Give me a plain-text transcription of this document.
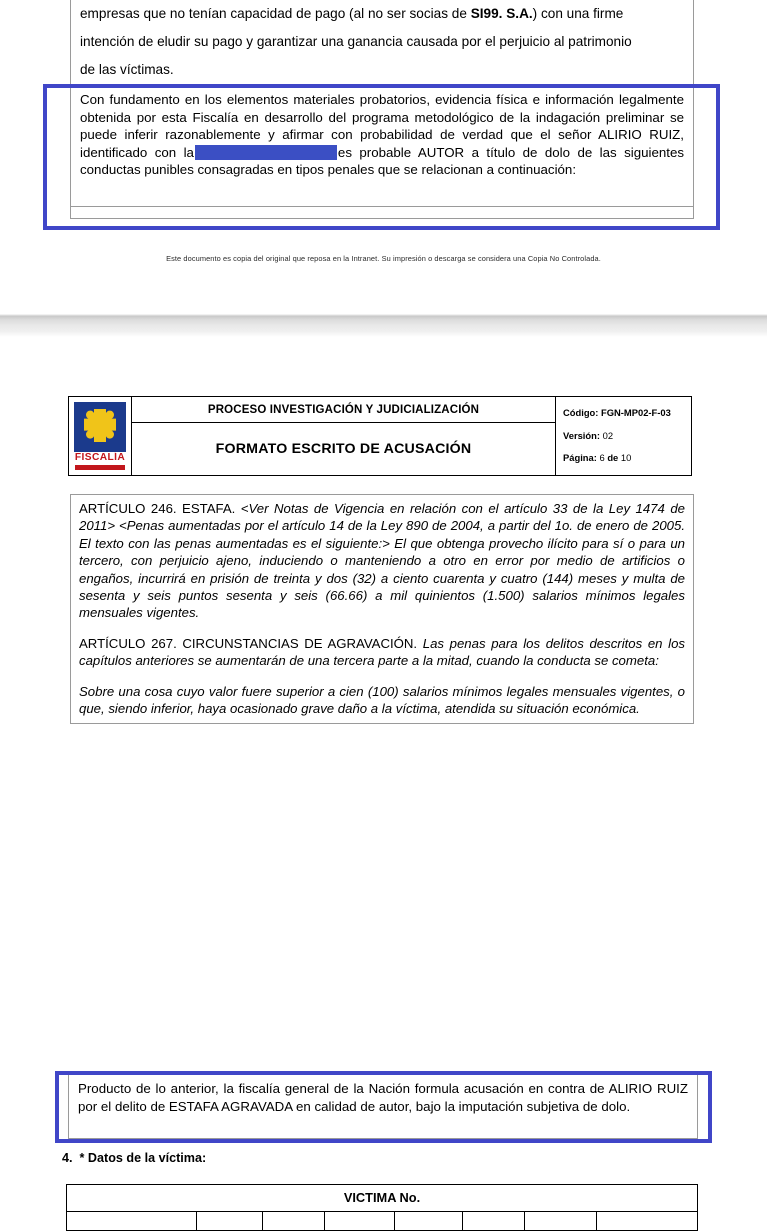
empresas que no tenían capacidad de pago (al no ser socias de SI99. S.A.) con una firme
intención de eludir su pago y garantizar una ganancia causada por el perjuicio al patrimonio
de las víctimas.

Con fundamento en los elementos materiales probatorios, evidencia física e información legalmente obtenida por esta Fiscalía en desarrollo del programa metodológico de la indagación preliminar se puede inferir razonablemente y afirmar con probabilidad de verdad que el señor ALIRIO RUIZ, identificado con la	es probable AUTOR a título de dolo de las siguientes conductas punibles consagradas en tipos penales que se relacionan a continuación:

Este documento es copia del original que reposa en la Intranet. Su impresión o descarga se considera una Copia No Controlada.
FISCALÍA
	PROCESO INVESTIGACIÓN Y JUDICIALIZACIÓN	Código: FGN-MP02-F-03
Versión: 02
Página: 6 de 10

FORMATO ESCRITO DE ACUSACIÓN

ARTÍCULO 246. ESTAFA. <Ver Notas de Vigencia en relación con el artículo 33 de la Ley 1474 de 2011> <Penas aumentadas por el artículo 14 de la Ley 890 de 2004, a partir del 1o. de enero de 2005. El texto con las penas aumentadas es el siguiente:> El que obtenga provecho ilícito para sí o para un tercero, con perjuicio ajeno, induciendo o manteniendo a otro en error por medio de artificios o engaños, incurrirá en prisión de treinta y dos (32) a ciento cuarenta y cuatro (144) meses y multa de sesenta y seis puntos sesenta y seis (66.66) a mil quinientos (1.500) salarios mínimos legales mensuales vigentes.

ARTÍCULO 267. CIRCUNSTANCIAS DE AGRAVACIÓN. Las penas para los delitos descritos en los capítulos anteriores se aumentarán de una tercera parte a la mitad, cuando la conducta se cometa:

Sobre una cosa cuyo valor fuere superior a cien (100) salarios mínimos legales mensuales vigentes, o que, siendo inferior, haya ocasionado grave daño a la víctima, atendida su situación económica.

Producto de lo anterior, la fiscalía general de la Nación formula acusación en contra de ALIRIO RUIZ por el delito de ESTAFA AGRAVADA en calidad de autor, bajo la imputación subjetiva de dolo.

4. * Datos de la víctima:
VICTIMA No.
